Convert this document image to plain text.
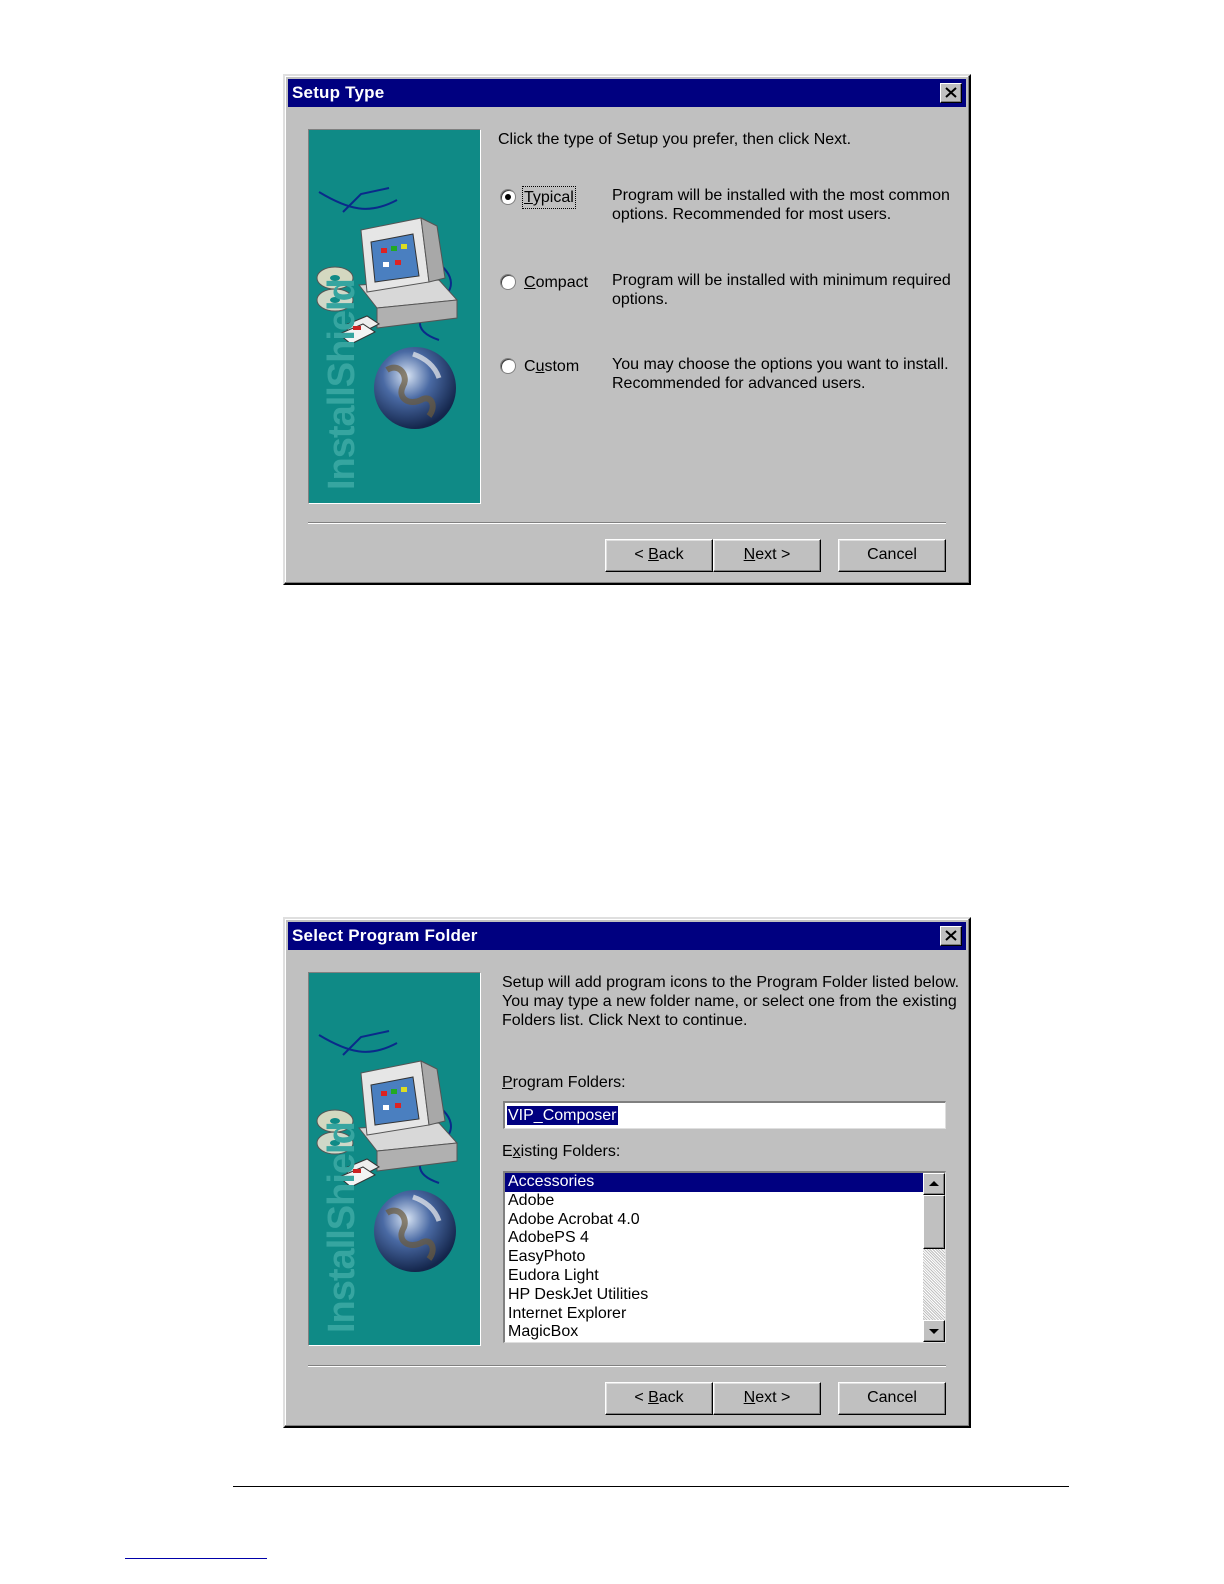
Setup Type
InstallShield
Click the type of Setup you prefer, then click Next.
Typical Program will be installed with the most common
options. Recommended for most users.
Compact Program will be installed with minimum required
options.
Custom You may choose the options you want to install.
Recommended for advanced users.
< Back	Next >	Cancel
Select Program Folder
InstallShield
Setup will add program icons to the Program Folder listed below.
You may type a new folder name, or select one from the existing
Folders list. Click Next to continue.
Program Folders:
VIP_Composer
Existing Folders:
Accessories
Adobe
Adobe Acrobat 4.0
AdobePS 4
EasyPhoto
Eudora Light
HP DeskJet Utilities
Internet Explorer
MagicBox
< Back	Next >	Cancel
